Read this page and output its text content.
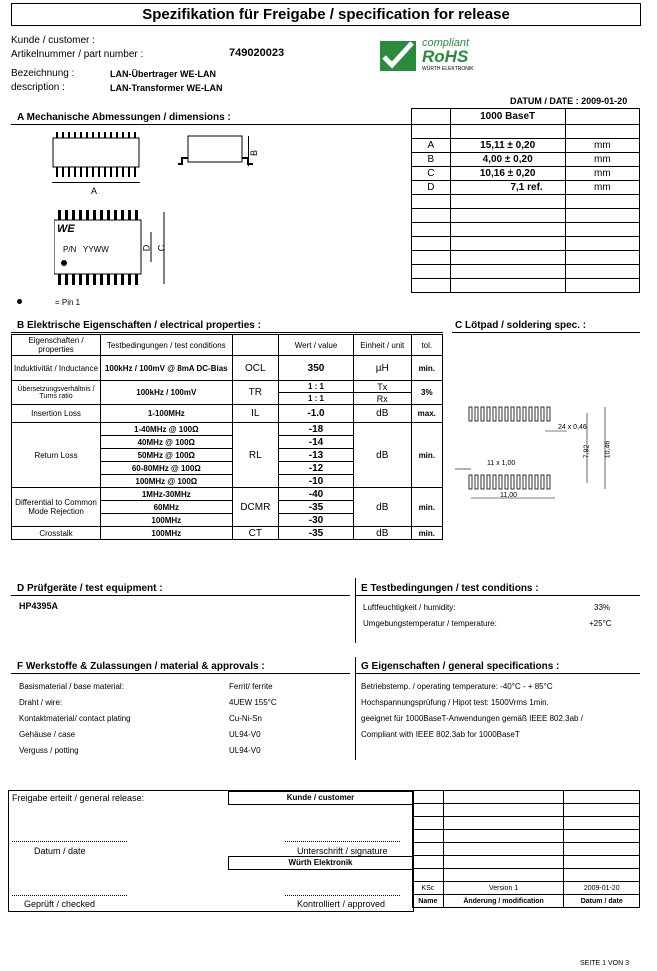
Spezifikation für Freigabe / specification for release
Kunde / customer :
Artikelnummer / part number :	749020023
Bezeichnung :	LAN-Übertrager WE-LAN
description :	LAN-Transformer WE-LAN
compliant
RoHS
WÜRTH ELEKTRONIK
DATUM / DATE : 2009-01-20
A Mechanische Abmessungen / dimensions :
A
B
WE
P/N YYWW	D C
= Pin 1
	1000 BaseT	

A	15,11 ± 0,20	mm
B	4,00 ± 0,20	mm
C	10,16 ± 0,20	mm
D	7,1 ref.	mm

B Elektrische Eigenschaften / electrical properties :	C Lötpad / soldering spec. :
Eigenschaften / properties	Testbedingungen / test conditions		Wert / value	Einheit / unit	tol.
Induktivität / Inductance	100kHz / 100mV @ 8mA DC-Bias	OCL	350	µH	min.
Übersetzungsverhältnis / Turns ratio	100kHz / 100mV	TR	1 : 1	Tx	3%
			1 : 1	Rx	
Insertion Loss	1-100MHz	IL	-1.0	dB	max.
Return Loss	1-40MHz @ 100Ω	RL	-18	dB	min.
	40MHz @ 100Ω		-14		
	50MHz @ 100Ω		-13		
	60-80MHz @ 100Ω		-12		
	100MHz @ 100Ω		-10		
Differential to Common Mode Rejection	1MHz-30MHz	DCMR	-40	dB	min.
	60MHz		-35		
	100MHz		-30		
Crosstalk	100MHz	CT	-35	dB	min.
24 x 0,46
7,92 10,46
11 x 1,00
11,00
D Prüfgeräte / test equipment :
HP4395A
E Testbedingungen / test conditions :
Luftfeuchtigkeit / humidity:	33%
Umgebungstemperatur / temperature:	+25°C
F Werkstoffe & Zulassungen / material & approvals :	G Eigenschaften / general specifications :
Basismaterial / base material:	Ferrit/ ferrite
Draht / wire:	4UEW 155°C
Kontaktmaterial/ contact plating	Cu-Ni-Sn
Gehäuse / case	UL94-V0
Verguss / potting	UL94-V0
Betriebstemp. / operating temperature: -40°C - + 85°C
Hochspannungsprüfung / Hipot test: 1500Vrms 1min.
geeignet für 1000BaseT-Anwendungen gemäß IEEE 802.3ab /
Compliant with IEEE 802.3ab for 1000BaseT
Freigabe erteilt / general release:	Kunde / customer
Datum / date	Unterschrift / signature
Würth Elektronik
Geprüft / checked	Kontrolliert / approved

KSc	Version 1	2009-01-20
Name	Änderung / modification	Datum / date
SEITE 1 VON 3
